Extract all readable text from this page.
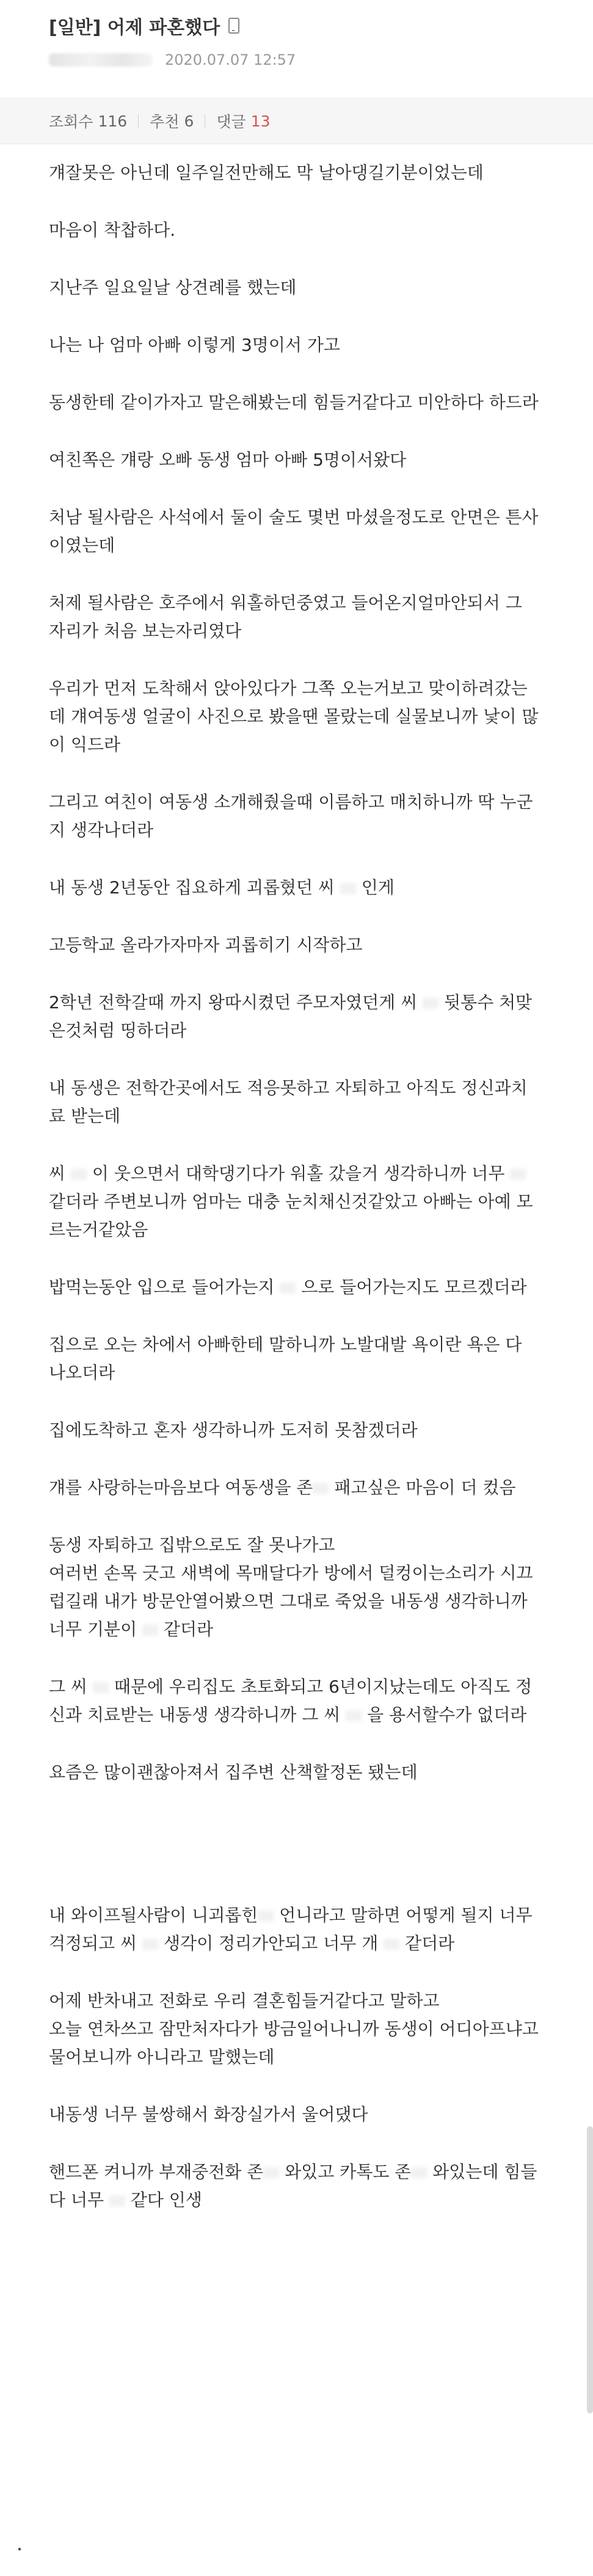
[일반]
어제 파혼했다
2020.07.07 12:57
조회수 116 추천 6 댓글 13

걔잘못은 아닌데 일주일전만해도 막 날아댕길기분이었는데

마음이 착찹하다.

지난주 일요일날 상견례를 했는데

나는 나 엄마 아빠 이렇게 3명이서 가고

동생한테 같이가자고 말은해봤는데 힘들거같다고 미안하다 하드라

여친쪽은 걔랑 오빠 동생 엄마 아빠 5명이서왔다

처남 될사람은 사석에서 둘이 술도 몇번 마셨을정도로 안면은 튼사이였는데

처제 될사람은 호주에서 워홀하던중였고 들어온지얼마안되서 그 자리가 처음 보는자리였다

우리가 먼저 도착해서 앉아있다가 그쪽 오는거보고 맞이하려갔는데 걔여동생 얼굴이 사진으로 봤을땐 몰랐는데 실물보니까 낯이 많이 익드라

그리고 여친이 여동생 소개해줬을때 이름하고 매치하니까 딱 누군지 생각나더라

내 동생 2년동안 집요하게 괴롭혔던 씨 인게

고등학교 올라가자마자 괴롭히기 시작하고

2학년 전학갈때 까지 왕따시켰던 주모자였던게 씨 뒷통수 처맞은것처럼 띵하더라

내 동생은 전학간곳에서도 적응못하고 자퇴하고 아직도 정신과치료 받는데

씨 이 웃으면서 대학댕기다가 워홀 갔을거 생각하니까 너무  같더라 주변보니까 엄마는 대충 눈치채신것같았고 아빠는 아예 모르는거같았음

밥먹는동안 입으로 들어가는지 으로 들어가는지도 모르겠더라

집으로 오는 차에서 아빠한테 말하니까 노발대발 욕이란 욕은 다 나오더라

집에도착하고 혼자 생각하니까 도저히 못참겠더라

걔를 사랑하는마음보다 여동생을 존 패고싶은 마음이 더 컸음

동생 자퇴하고 집밖으로도 잘 못나가고

여러번 손목 긋고 새벽에 목매달다가 방에서 덜컹이는소리가 시끄럽길래 내가 방문안열어봤으면 그대로 죽었을 내동생 생각하니까 너무 기분이 같더라

그 씨 때문에 우리집도 초토화되고 6년이지났는데도 아직도 정신과 치료받는 내동생 생각하니까 그 씨 을 용서할수가 없더라

요즘은 많이괜찮아져서 집주변 산책할정돈 됐는데

내 와이프될사람이 니괴롭힌 언니라고 말하면 어떻게 될지 너무 걱정되고 씨 생각이 정리가안되고 너무 개 같더라

어제 반차내고 전화로 우리 결혼힘들거같다고 말하고

오늘 연차쓰고 잠만처자다가 방금일어나니까 동생이 어디아프냐고 물어보니까 아니라고 말했는데

내동생 너무 불쌍해서 화장실가서 울어댔다

핸드폰 켜니까 부재중전화 존 와있고 카톡도 존 와있는데 힘들다 너무 같다 인생
